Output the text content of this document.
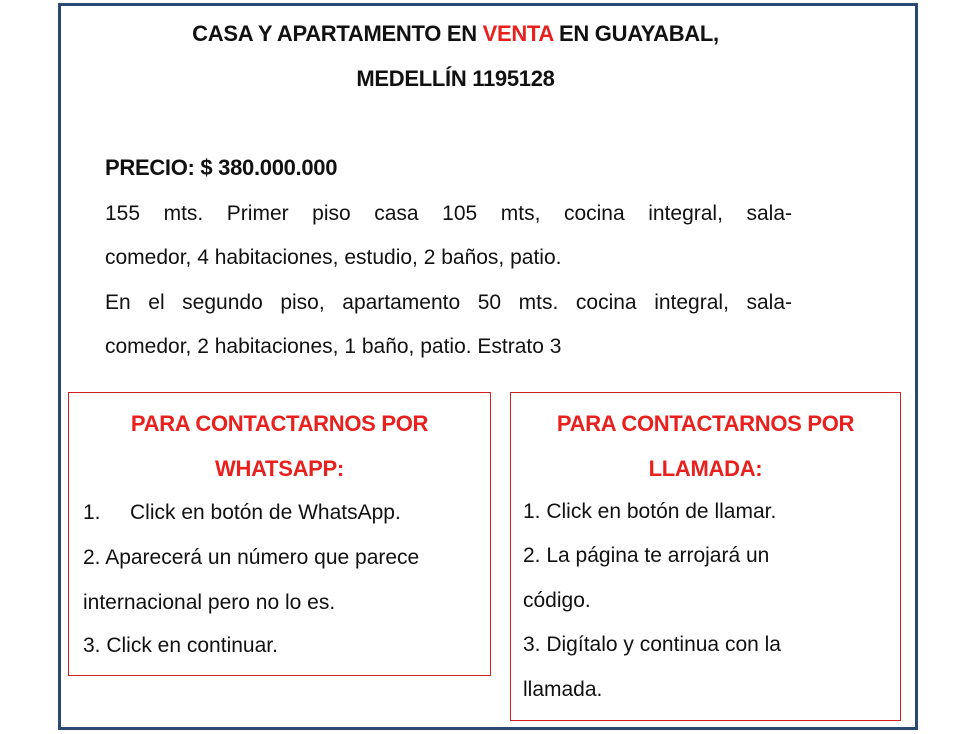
CASA Y APARTAMENTO EN VENTA EN GUAYABAL,
MEDELLÍN 1195128
PRECIO: $ 380.000.000
155 mts. Primer piso casa 105 mts, cocina integral, sala-
comedor, 4 habitaciones, estudio, 2 baños, patio.
En el segundo piso, apartamento 50 mts. cocina integral, sala-
comedor, 2 habitaciones, 1 baño, patio. Estrato 3
PARA CONTACTARNOS POR
WHATSAPP:
1. Click en botón de WhatsApp.
2. Aparecerá un número que parece
internacional pero no lo es.
3. Click en continuar.
PARA CONTACTARNOS POR
LLAMADA:
1. Click en botón de llamar.
2. La página te arrojará un
código.
3. Digítalo y continua con la
llamada.
